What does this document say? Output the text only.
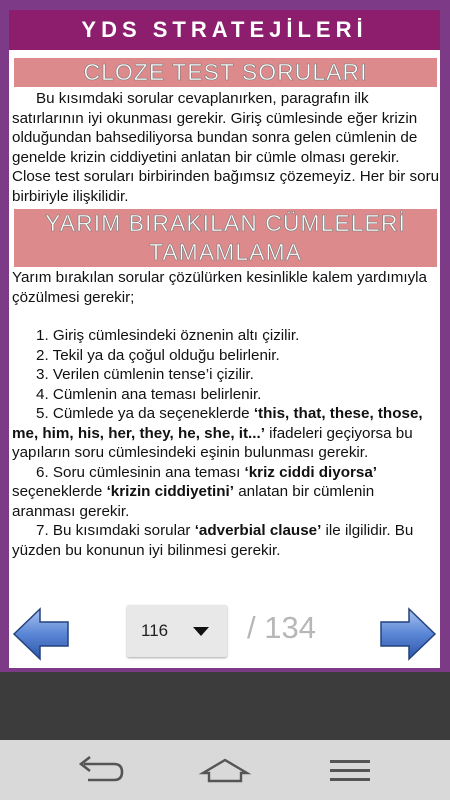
YDS STRATEJİLERİ
CLOZE TEST SORULARI
Bu kısımdaki sorular cevaplanırken, paragrafın ilk satırlarının iyi okunması gerekir. Giriş cümlesinde eğer krizin olduğundan bahsediliyorsa bundan sonra gelen cümlenin de genelde krizin ciddiyetini anlatan bir cümle olması gerekir. Close test soruları birbirinden bağımsız çözemeyiz. Her bir soru birbiriyle ilişkilidir.
YARIM BIRAKILAN CÜMLELERİ TAMAMLAMA
Yarım bırakılan sorular çözülürken kesinlikle kalem yardımıyla çözülmesi gerekir;
1. Giriş cümlesindeki öznenin altı çizilir.
2. Tekil ya da çoğul olduğu belirlenir.
3. Verilen cümlenin tense’i çizilir.
4. Cümlenin ana teması belirlenir.
5. Cümlede ya da seçeneklerde ‘this, that, these, those, me, him, his, her, they, he, she, it...’ ifadeleri geçiyorsa bu yapıların soru cümlesindeki eşinin bulunması gerekir.
6. Soru cümlesinin ana teması ‘kriz ciddi diyorsa’ seçeneklerde ‘krizin ciddiyetini’ anlatan bir cümlenin aranması gerekir.
7. Bu kısımdaki sorular ‘adverbial clause’ ile ilgilidir. Bu yüzden bu konunun iyi bilinmesi gerekir.
116	/ 134
